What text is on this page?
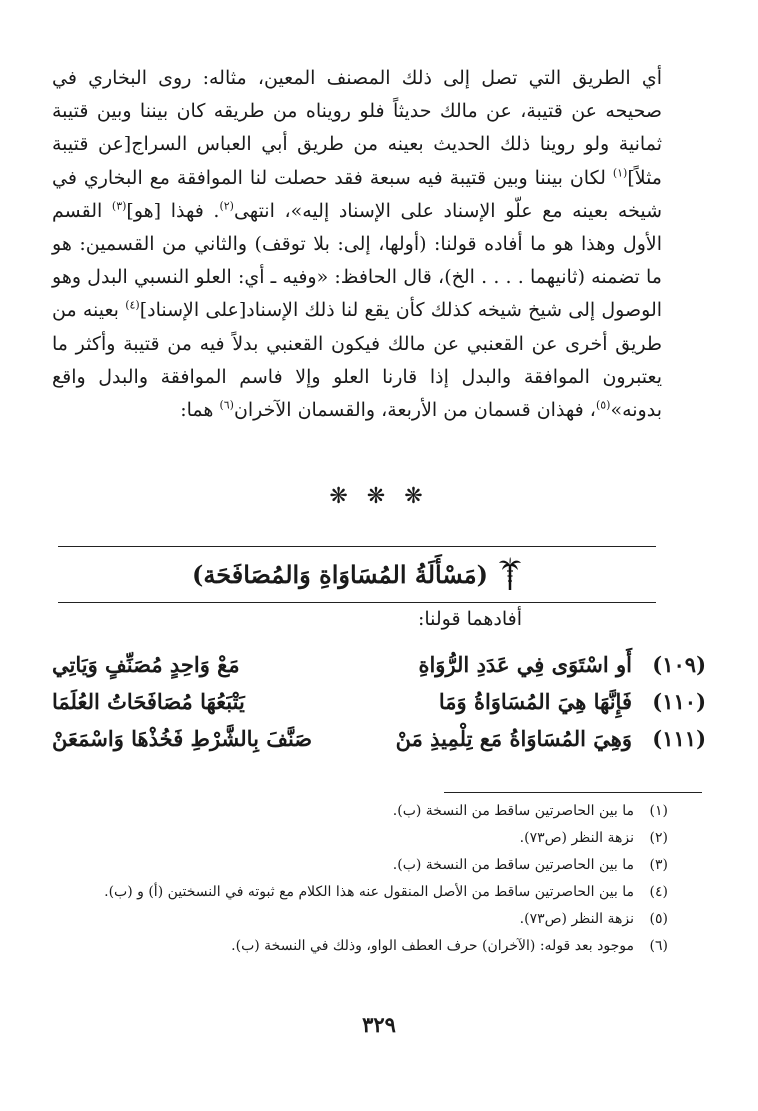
أي الطريق التي تصل إلى ذلك المصنف المعين، مثاله: روى البخاري في صحيحه عن قتيبة، عن مالك حديثاً فلو رويناه من طريقه كان بيننا وبين قتيبة ثمانية ولو روينا ذلك الحديث بعينه من طريق أبي العباس السراج[عن قتيبة مثلاً]$^{(١)}$ لكان بيننا وبين قتيبة فيه سبعة فقد حصلت لنا الموافقة مع البخاري في شيخه بعينه مع علّو الإسناد على الإسناد إليه»، انتهى$^{(٢)}$. فهذا [هو]$^{(٣)}$ القسم الأول وهذا هو ما أفاده قولنا: (أولها، إلى: بلا توقف) والثاني من القسمين: هو ما تضمنه (ثانيهما . . . . الخ)، قال الحافظ: «وفيه ـ أي: العلو النسبي البدل وهو الوصول إلى شيخ شيخه كذلك كأن يقع لنا ذلك الإسناد[على الإسناد]$^{(٤)}$ بعينه من طريق أخرى عن القعنبي عن مالك فيكون القعنبي بدلاً فيه من قتيبة وأكثر ما يعتبرون الموافقة والبدل إذا قارنا العلو وإلا فاسم الموافقة والبدل واقع بدونه»$^{(٥)}$، فهذان قسمان من الأربعة، والقسمان الآخران$^{(٦)}$ هما:

❋ ❋ ❋
(مَسْأَلَةُ المُسَاوَاةِ وَالمُصَافَحَة)
أفادهما قولنا:
(١٠٩)
أَو اسْتَوَى فِي عَدَدِ الرُّوَاةِ
مَعْ وَاحِدٍ مُصَنِّفٍ وَيَاتِي
(١١٠)
فَإِنَّهَا هِيَ المُسَاوَاةُ وَمَا
يَتْبَعُهَا مُصَافَحَاتُ العُلَمَا
(١١١)
وَهِيَ المُسَاوَاةُ مَع تِلْمِيذِ مَنْ
صَنَّفَ بِالشَّرْطِ فَخُذْهَا وَاسْمَعَنْ
(١)
ما بين الحاصرتين ساقط من النسخة (ب).
(٢)
نزهة النظر (ص٧٣).
(٣)
ما بين الحاصرتين ساقط من النسخة (ب).
(٤)
ما بين الحاصرتين ساقط من الأصل المنقول عنه هذا الكلام مع ثبوته في النسختين (أ) و (ب).
(٥)
نزهة النظر (ص٧٣).
(٦)
موجود بعد قوله: (الآخران) حرف العطف الواو، وذلك في النسخة (ب).
٣٢٩
